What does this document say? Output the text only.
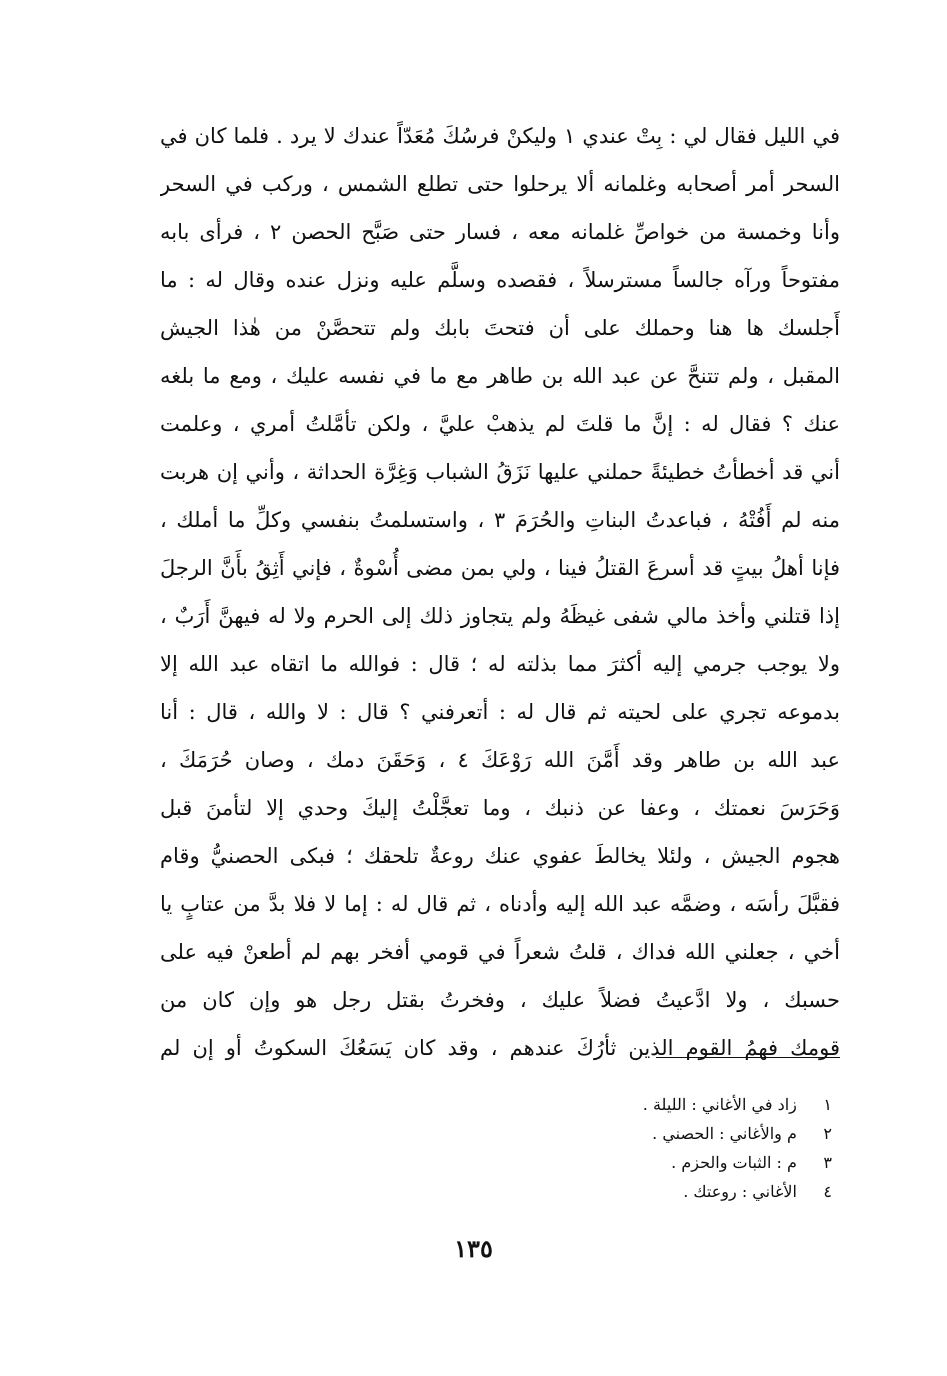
في الليل فقال لي : بِتْ عندي ١ وليكنْ فرسُكَ مُعَدّاً عندك لا يرد . فلما كان في
السحر أمر أصحابه وغلمانه ألا يرحلوا حتى تطلع الشمس ، وركب في السحر
وأنا وخمسة من خواصِّ غلمانه معه ، فسار حتى صَبَّح الحصن ٢ ، فرأى بابه
مفتوحاً ورآه جالساً مسترسلاً ، فقصده وسلَّم عليه ونزل عنده وقال له : ما
أَجلسك ها هنا وحملك على أن فتحتَ بابك ولم تتحصَّنْ من هٰذا الجيش
المقبل ، ولم تتنحَّ عن عبد الله بن طاهر مع ما في نفسه عليك ، ومع ما بلغه
عنك ؟ فقال له : إنَّ ما قلتَ لم يذهبْ عليَّ ، ولكن تأمَّلتُ أمري ، وعلمت
أني قد أخطأتُ خطيئةً حملني عليها نَزَقُ الشباب وَغِرَّة الحداثة ، وأني إن هربت
منه لم أَفُتْهُ ، فباعدتُ البناتِ والحُرَمَ ٣ ، واستسلمتُ بنفسي وكلِّ ما أملك ،
فإنا أهلُ بيتٍ قد أسرعَ القتلُ فينا ، ولي بمن مضى أُسْوةٌ ، فإني أَثِقُ بأَنَّ الرجلَ
إذا قتلني وأخذ مالي شفى غيظَهُ ولم يتجاوز ذلك إلى الحرم ولا له فيهنَّ أَرَبٌ ،
ولا يوجب جرمي إليه أكثرَ مما بذلته له ؛ قال : فوالله ما اتقاه عبد الله إلا
بدموعه تجري على لحيته ثم قال له : أتعرفني ؟ قال : لا والله ، قال : أنا
عبد الله بن طاهر وقد أَمَّنَ الله رَوْعَكَ ٤ ، وَحَقَنَ دمك ، وصان حُرَمَكَ ،
وَحَرَسَ نعمتك ، وعفا عن ذنبك ، وما تعجَّلْتُ إليكَ وحدي إلا لتأمنَ قبل
هجوم الجيش ، ولئلا يخالطَ عفوي عنك روعةٌ تلحقك ؛ فبكى الحصنيُّ وقام
فقبَّلَ رأسَه ، وضمَّه عبد الله إليه وأدناه ، ثم قال له : إما لا فلا بدَّ من عتابٍ يا
أخي ، جعلني الله فداك ، قلتُ شعراً في قومي أفخر بهم لم أطعنْ فيه على
حسبك ، ولا ادَّعيتُ فضلاً عليك ، وفخرتُ بقتل رجل هو وإن كان من
قومك فهمُ القوم الذين ثأرُكَ عندهم ، وقد كان يَسَعُكَ السكوتُ أو إن لم
١ زاد في الأغاني : الليلة .
٢ م والأغاني : الحصني .
٣ م : الثبات والحزم .
٤ الأغاني : روعتك .
١٣٥
